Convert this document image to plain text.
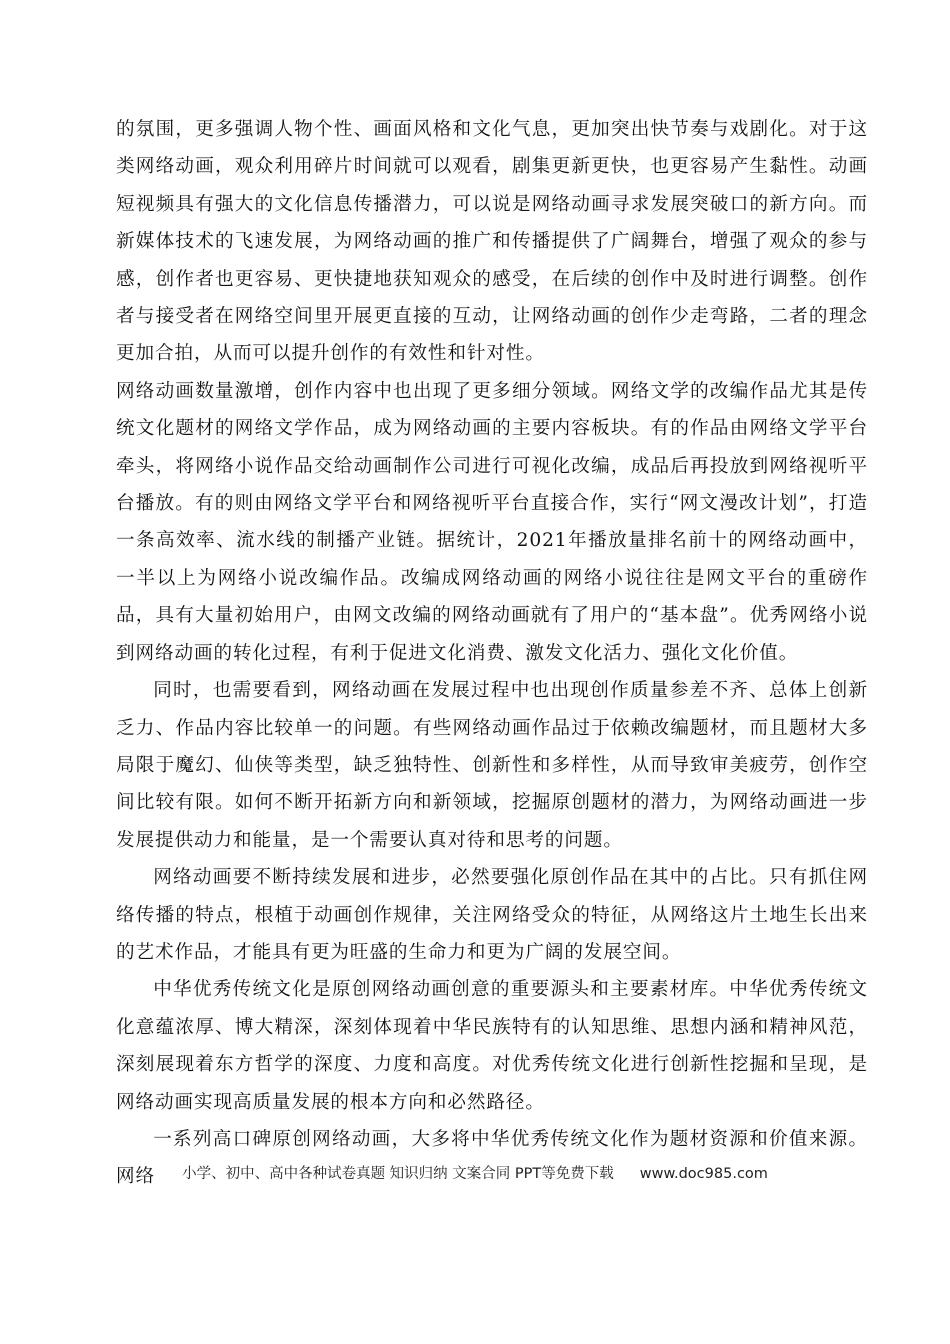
的氛围，更多强调人物个性、画面风格和文化气息，更加突出快节奏与戏剧化。对于这类网络动画，观众利用碎片时间就可以观看，剧集更新更快，也更容易产生黏性。动画短视频具有强大的文化信息传播潜力，可以说是网络动画寻求发展突破口的新方向。而新媒体技术的飞速发展，为网络动画的推广和传播提供了广阔舞台，增强了观众的参与感，创作者也更容易、更快捷地获知观众的感受，在后续的创作中及时进行调整。创作者与接受者在网络空间里开展更直接的互动，让网络动画的创作少走弯路，二者的理念更加合拍，从而可以提升创作的有效性和针对性。

网络动画数量激增，创作内容中也出现了更多细分领域。网络文学的改编作品尤其是传统文化题材的网络文学作品，成为网络动画的主要内容板块。有的作品由网络文学平台牵头，将网络小说作品交给动画制作公司进行可视化改编，成品后再投放到网络视听平台播放。有的则由网络文学平台和网络视听平台直接合作，实行“网文漫改计划”，打造一条高效率、流水线的制播产业链。据统计，2021年播放量排名前十的网络动画中，一半以上为网络小说改编作品。改编成网络动画的网络小说往往是网文平台的重磅作品，具有大量初始用户，由网文改编的网络动画就有了用户的“基本盘”。优秀网络小说到网络动画的转化过程，有利于促进文化消费、激发文化活力、强化文化价值。

同时，也需要看到，网络动画在发展过程中也出现创作质量参差不齐、总体上创新乏力、作品内容比较单一的问题。有些网络动画作品过于依赖改编题材，而且题材大多局限于魔幻、仙侠等类型，缺乏独特性、创新性和多样性，从而导致审美疲劳，创作空间比较有限。如何不断开拓新方向和新领域，挖掘原创题材的潜力，为网络动画进一步发展提供动力和能量，是一个需要认真对待和思考的问题。

网络动画要不断持续发展和进步，必然要强化原创作品在其中的占比。只有抓住网络传播的特点，根植于动画创作规律，关注网络受众的特征，从网络这片土地生长出来的艺术作品，才能具有更为旺盛的生命力和更为广阔的发展空间。

中华优秀传统文化是原创网络动画创意的重要源头和主要素材库。中华优秀传统文化意蕴浓厚、博大精深，深刻体现着中华民族特有的认知思维、思想内涵和精神风范，深刻展现着东方哲学的深度、力度和高度。对优秀传统文化进行创新性挖掘和呈现，是网络动画实现高质量发展的根本方向和必然路径。

一系列高口碑原创网络动画，大多将中华优秀传统文化作为题材资源和价值来源。网络	小学、初中、高中各种试卷真题 知识归纳 文案合同 PPT等免费下载 www.doc985.com
